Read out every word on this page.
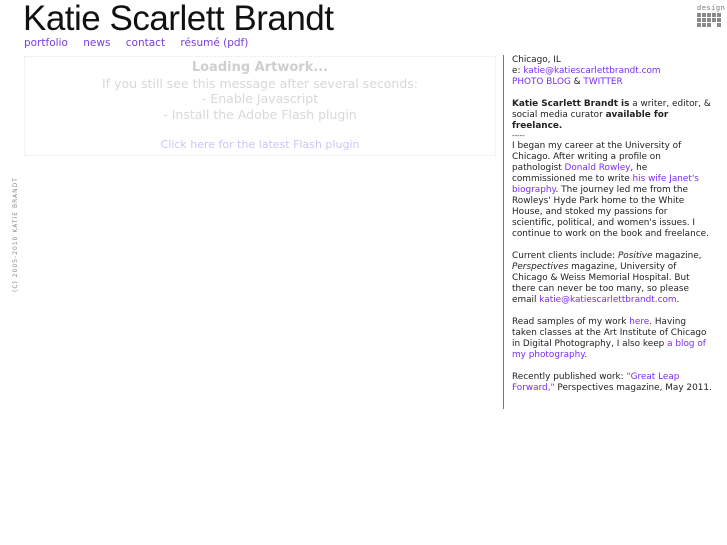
Katie Scarlett Brandt
portfolio news contact résumé (pdf)
Loading Artwork...
If you still see this message after several seconds:
- Enable Javascript
- Install the Adobe Flash plugin
Click here for the latest Flash plugin
(C) 2005-2010 KATIE BRANDT
design

Chicago, IL
e: katie@katiescarlettbrandt.com
PHOTO BLOG & TWITTER

Katie Scarlett Brandt is a writer, editor, & social media curator available for freelance.
-----

I began my career at the University of Chicago. After writing a profile on pathologist Donald Rowley, he commissioned me to write his wife Janet's biography. The journey led me from the Rowleys' Hyde Park home to the White House, and stoked my passions for scientific, political, and women's issues. I continue to work on the book and freelance.

Current clients include: Positive magazine, Perspectives magazine, University of Chicago & Weiss Memorial Hospital. But there can never be too many, so please email katie@katiescarlettbrandt.com.

Read samples of my work here. Having taken classes at the Art Institute of Chicago in Digital Photography, I also keep a blog of my photography.

Recently published work: "Great Leap Forward," Perspectives magazine, May 2011.
